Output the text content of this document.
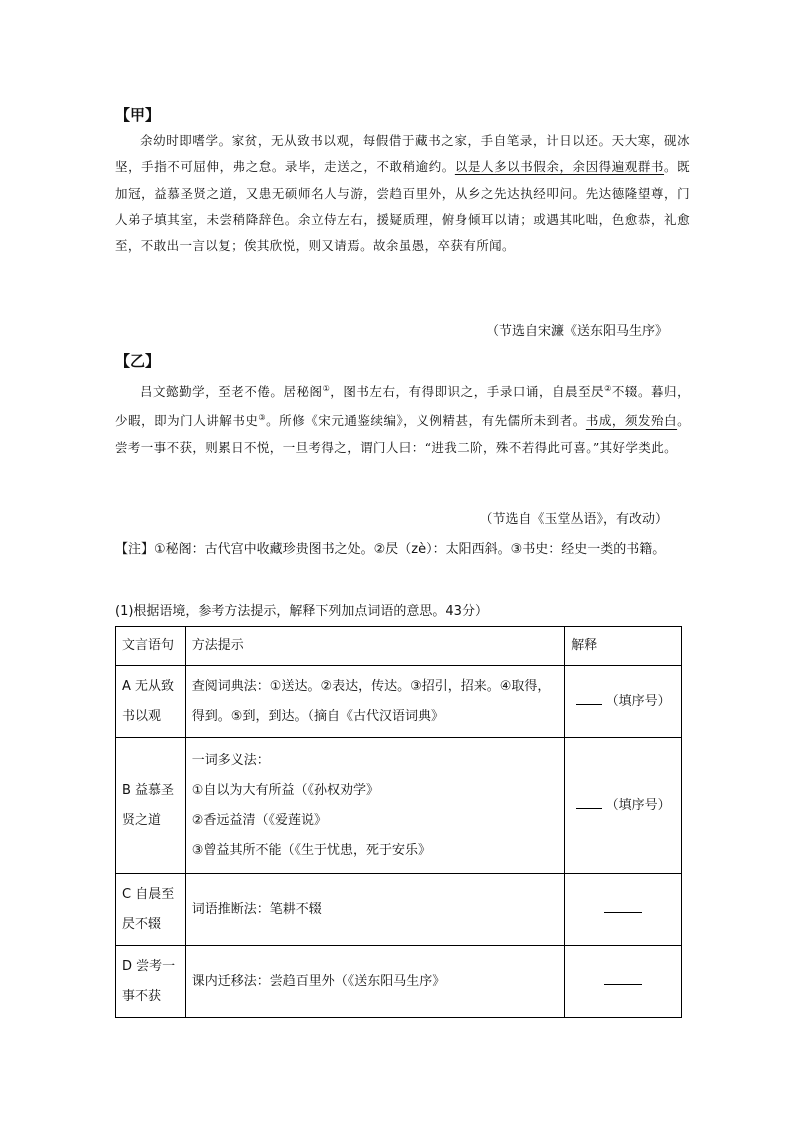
【甲】

余幼时即嗜学。家贫，无从致书以观，每假借于藏书之家，手自笔录，计日以还。天大寒，砚冰坚，手指不可屈伸，弗之怠。录毕，走送之，不敢稍逾约。以是人多以书假余，余因得遍观群书。既加冠，益慕圣贤之道，又患无硕师名人与游，尝趋百里外，从乡之先达执经叩问。先达德隆望尊，门人弟子填其室，未尝稍降辞色。余立侍左右，援疑质理，俯身倾耳以请；或遇其叱咄，色愈恭，礼愈至，不敢出一言以复；俟其欣悦，则又请焉。故余虽愚，卒获有所闻。

（节选自宋濂《送东阳马生序》
【乙】

吕文懿勤学，至老不倦。居秘阁①，图书左右，有得即识之，手录口诵，自晨至昃②不辍。暮归，少暇，即为门人讲解书史③。所修《宋元通鉴续编》，义例精甚，有先儒所未到者。书成，须发殆白。尝考一事不获，则累日不悦，一旦考得之，谓门人曰：“进我二阶，殊不若得此可喜。”其好学类此。

（节选自《玉堂丛语》，有改动）
【注】①秘阁：古代宫中收藏珍贵图书之处。②昃（zè）：太阳西斜。③书史：经史一类的书籍。
(1)根据语境，参考方法提示，解释下列加点词语的意思。43分）
文言语句	方法提示	解释
A 无从致书以观	查阅词典法：①送达。②表达，传达。③招引，招来。④取得，得到。⑤到，到达。（摘自《古代汉语词典》	（填序号）
B 益慕圣贤之道	一词多义法：
①自以为大有所益（《孙权劝学》
②香远益清（《爱莲说》
③曾益其所不能（《生于忧患，死于安乐》	（填序号）
C 自晨至昃不辍	词语推断法：笔耕不辍	

D 尝考一事不获	课内迁移法：尝趋百里外（《送东阳马生序》	
